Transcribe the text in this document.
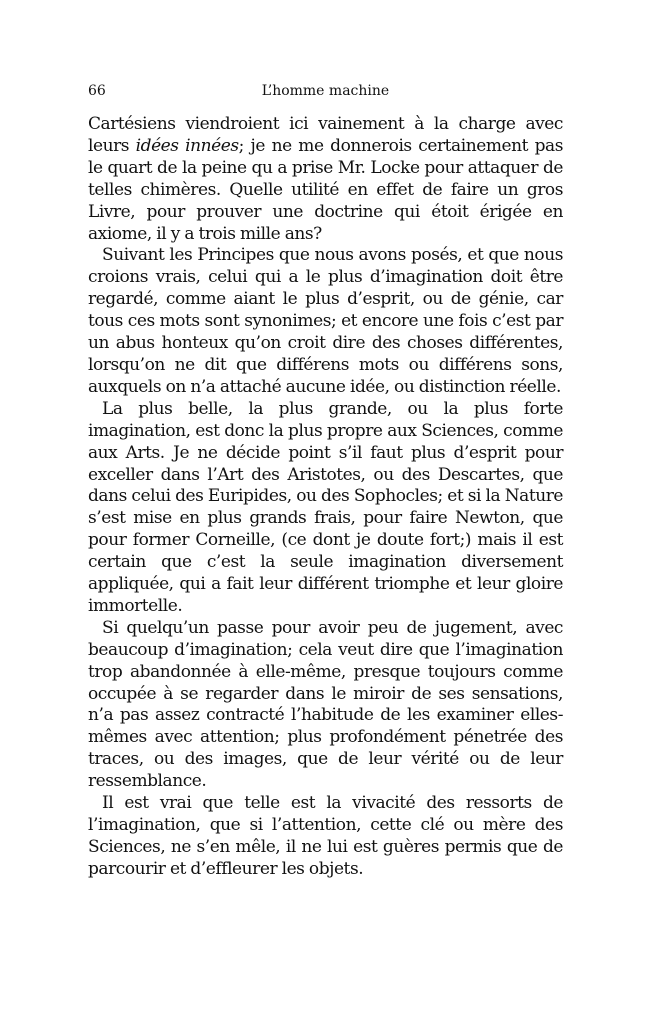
66	L’homme machine

Cartésiens viendroient ici vainement à la charge avec leurs idées innées; je ne me donnerois certainement pas le quart de la peine qu a prise Mr. Locke pour attaquer de telles chimères. Quelle utilité en effet de faire un gros Livre, pour prouver une doctrine qui étoit érigée en axiome, il y a trois mille ans?

Suivant les Principes que nous avons posés, et que nous croions vrais, celui qui a le plus d’imagination doit être regardé, comme aiant le plus d’esprit, ou de génie, car tous ces mots sont synonimes; et encore une fois c’est par un abus honteux qu’on croit dire des choses différentes, lorsqu’on ne dit que différens mots ou différens sons, auxquels on n’a attaché aucune idée, ou distinction réelle.

La plus belle, la plus grande, ou la plus forte imagination, est donc la plus propre aux Sciences, comme aux Arts. Je ne décide point s’il faut plus d’esprit pour exceller dans l’Art des Aristotes, ou des Descartes, que dans celui des Euripides, ou des Sophocles; et si la Nature s’est mise en plus grands frais, pour faire Newton, que pour former Corneille, (ce dont je doute fort;) mais il est certain que c’est la seule imagination diversement appliquée, qui a fait leur différent triomphe et leur gloire immortelle.

Si quelqu’un passe pour avoir peu de jugement, avec beaucoup d’imagination; cela veut dire que l’imagination trop abandonnée à elle-même, presque toujours comme occupée à se regarder dans le miroir de ses sensations, n’a pas assez contracté l’habitude de les examiner elles-mêmes avec attention; plus profondément pénetrée des traces, ou des images, que de leur vérité ou de leur ressemblance.

Il est vrai que telle est la vivacité des ressorts de l’imagination, que si l’attention, cette clé ou mère des Sciences, ne s’en mêle, il ne lui est guères permis que de parcourir et d’effleurer les objets.
